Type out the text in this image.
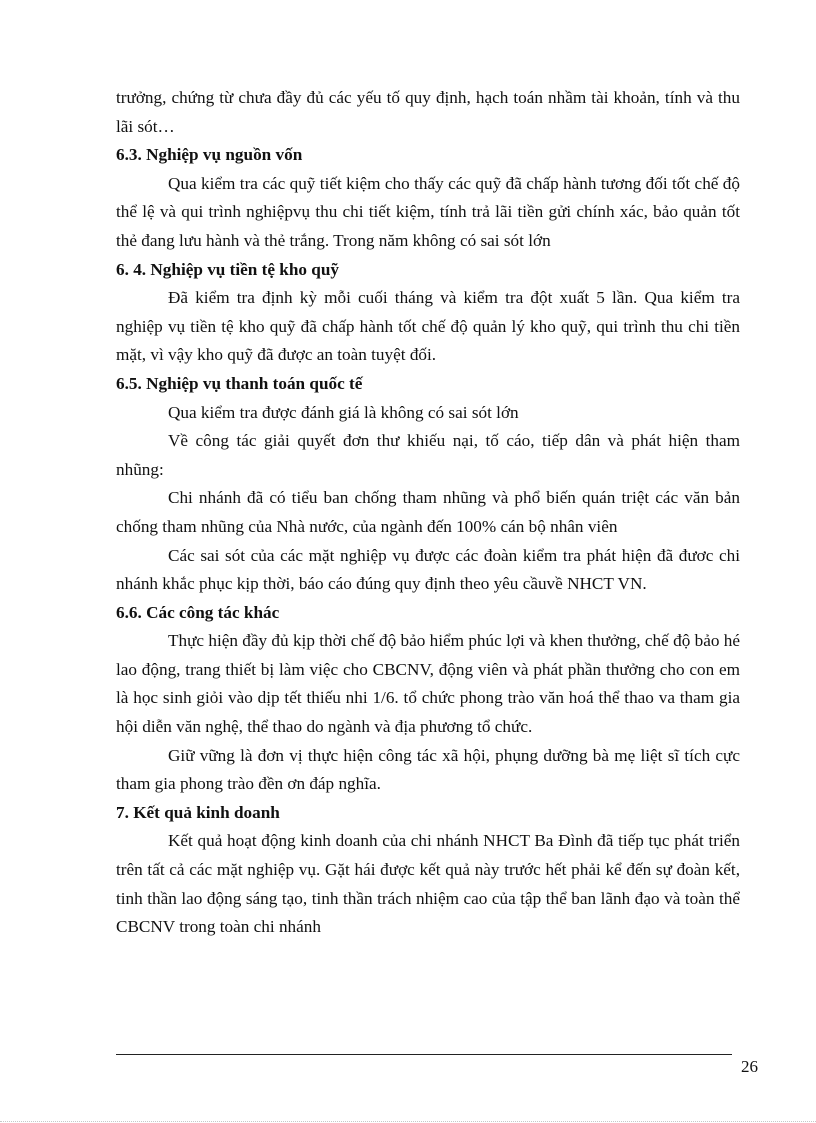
trưởng, chứng từ chưa đầy đủ các yếu tố quy định, hạch toán nhầm tài khoản, tính và thu lãi sót…

6.3. Nghiệp vụ nguồn vốn

Qua kiểm tra các quỹ tiết kiệm cho thấy các quỹ đã chấp hành tương đối tốt chế độ thể lệ và qui trình nghiệpvụ thu chi tiết kiệm, tính trả lãi tiền gửi chính xác, bảo quản tốt thẻ đang lưu hành và thẻ trắng. Trong năm không có sai sót lớn

6. 4. Nghiệp vụ tiền tệ kho quỹ

Đã kiểm tra định kỳ mỗi cuối tháng và kiểm tra đột xuất 5 lần. Qua kiểm tra nghiệp vụ tiền tệ kho quỹ đã chấp hành tốt chế độ quản lý kho quỹ, qui trình thu chi tiền mặt, vì vậy kho quỹ đã được an toàn tuyệt đối.

6.5. Nghiệp vụ thanh toán quốc tế

Qua kiểm tra được đánh giá là không có sai sót lớn

Về công tác giải quyết đơn thư khiếu nại, tố cáo, tiếp dân và phát hiện tham nhũng:

Chi nhánh đã có tiểu ban chống tham nhũng và phổ biến quán triệt các văn bản chống tham nhũng của Nhà nước, của ngành đến 100% cán bộ nhân viên

Các sai sót của các mặt nghiệp vụ được các đoàn kiểm tra phát hiện đã đươc chi nhánh khắc phục kịp thời, báo cáo đúng quy định theo yêu cầuvề NHCT VN.

6.6. Các công tác khác

Thực hiện đầy đủ kịp thời chế độ bảo hiểm phúc lợi và khen thưởng, chế độ bảo hé lao động, trang thiết bị làm việc cho CBCNV, động viên và phát phần thưởng cho con em là học sinh giỏi vào dịp tết thiếu nhi 1/6. tổ chức phong trào văn hoá thể thao va tham gia hội diễn văn nghệ, thể thao do ngành và địa phương tổ chức.

Giữ vững là đơn vị thực hiện công tác xã hội, phụng dưỡng bà mẹ liệt sĩ tích cực tham gia phong trào đền ơn đáp nghĩa.

7. Kết quả kinh doanh

Kết quả hoạt động kinh doanh của chi nhánh NHCT Ba Đình đã tiếp tục phát triển trên tất cả các mặt nghiệp vụ. Gặt hái được kết quả này trước hết phải kể đến sự đoàn kết, tinh thần lao động sáng tạo, tinh thần trách nhiệm cao của tập thể ban lãnh đạo và toàn thể CBCNV trong toàn chi nhánh

26
